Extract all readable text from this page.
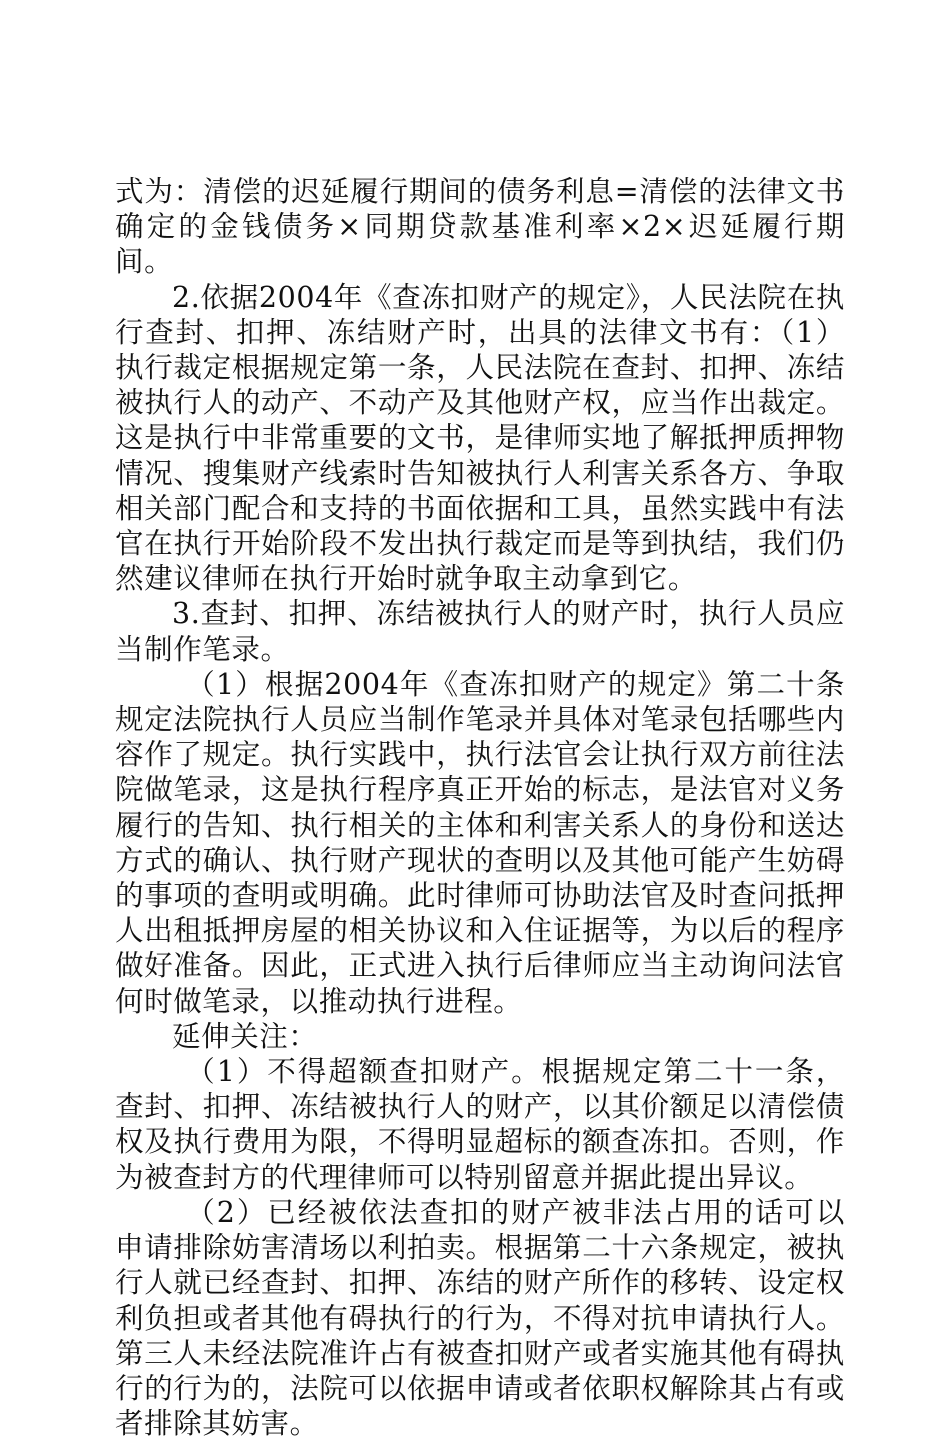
式为：清偿的迟延履行期间的债务利息=清偿的法律文书确定的金钱债务×同期贷款基准利率×2×迟延履行期间。

2.依据2004年《查冻扣财产的规定》，人民法院在执行查封、扣押、冻结财产时，出具的法律文书有：（1）执行裁定根据规定第一条，人民法院在查封、扣押、冻结被执行人的动产、不动产及其他财产权，应当作出裁定。这是执行中非常重要的文书，是律师实地了解抵押质押物情况、搜集财产线索时告知被执行人利害关系各方、争取相关部门配合和支持的书面依据和工具，虽然实践中有法官在执行开始阶段不发出执行裁定而是等到执结，我们仍然建议律师在执行开始时就争取主动拿到它。

3.查封、扣押、冻结被执行人的财产时，执行人员应当制作笔录。

（1）根据2004年《查冻扣财产的规定》第二十条规定法院执行人员应当制作笔录并具体对笔录包括哪些内容作了规定。执行实践中，执行法官会让执行双方前往法院做笔录，这是执行程序真正开始的标志，是法官对义务履行的告知、执行相关的主体和利害关系人的身份和送达方式的确认、执行财产现状的查明以及其他可能产生妨碍的事项的查明或明确。此时律师可协助法官及时查问抵押人出租抵押房屋的相关协议和入住证据等，为以后的程序做好准备。因此，正式进入执行后律师应当主动询问法官何时做笔录，以推动执行进程。

延伸关注：

（1）不得超额查扣财产。根据规定第二十一条，查封、扣押、冻结被执行人的财产，以其价额足以清偿债权及执行费用为限，不得明显超标的额查冻扣。否则，作为被查封方的代理律师可以特别留意并据此提出异议。

（2）已经被依法查扣的财产被非法占用的话可以申请排除妨害清场以利拍卖。根据第二十六条规定，被执行人就已经查封、扣押、冻结的财产所作的移转、设定权利负担或者其他有碍执行的行为，不得对抗申请执行人。第三人未经法院准许占有被查扣财产或者实施其他有碍执行的行为的，法院可以依据申请或者依职权解除其占有或者排除其妨害。
